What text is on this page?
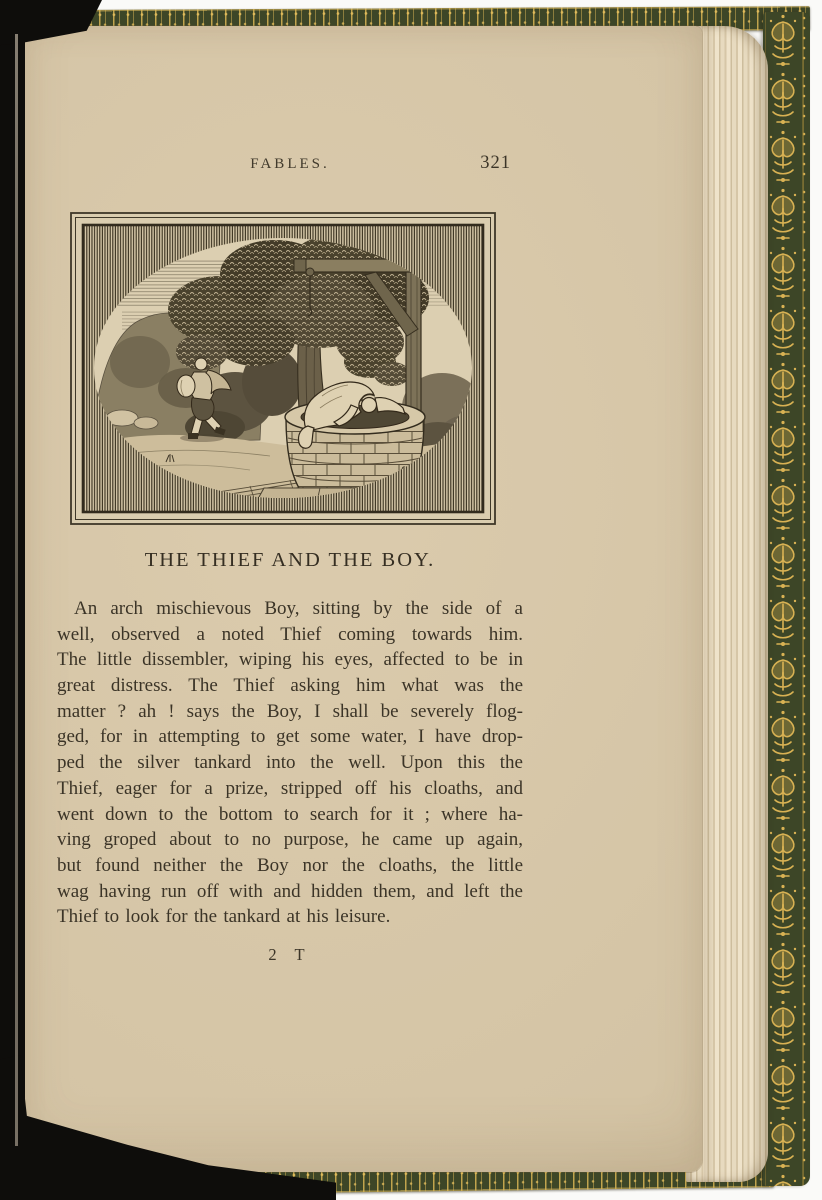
FABLES.	321
THE THIEF AND THE BOY.
An arch mischievous Boy, sitting by the side of a
well, observed a noted Thief coming towards him.
The little dissembler, wiping his eyes, affected to be in
great distress. The Thief asking him what was the
matter ? ah ! says the Boy, I shall be severely flog-
ged, for in attempting to get some water, I have drop-
ped the silver tankard into the well. Upon this the
Thief, eager for a prize, stripped off his cloaths, and
went down to the bottom to search for it ; where ha-
ving groped about to no purpose, he came up again,
but found neither the Boy nor the cloaths, the little
wag having run off with and hidden them, and left the
Thief to look for the tankard at his leisure.
2 T
